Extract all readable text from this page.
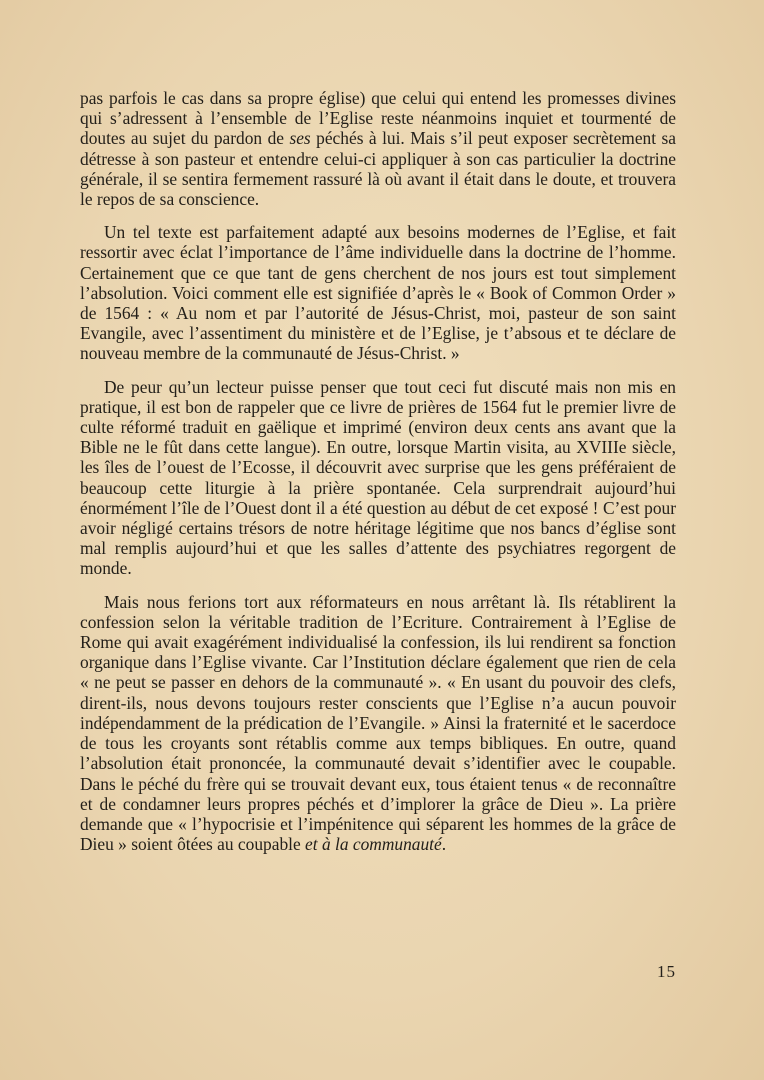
pas parfois le cas dans sa propre église) que celui qui entend les promesses divines qui s’adressent à l’ensemble de l’Eglise reste néanmoins inquiet et tourmenté de doutes au sujet du pardon de ses péchés à lui. Mais s’il peut exposer secrètement sa détresse à son pasteur et entendre celui-ci appliquer à son cas particulier la doctrine générale, il se sentira fermement rassuré là où avant il était dans le doute, et trouvera le repos de sa conscience.

Un tel texte est parfaitement adapté aux besoins modernes de l’Eglise, et fait ressortir avec éclat l’importance de l’âme individuelle dans la doctrine de l’homme. Certainement que ce que tant de gens cherchent de nos jours est tout simplement l’absolution. Voici comment elle est signifiée d’après le « Book of Common Order » de 1564 : « Au nom et par l’autorité de Jésus-Christ, moi, pasteur de son saint Evangile, avec l’assentiment du ministère et de l’Eglise, je t’absous et te déclare de nouveau membre de la communauté de Jésus-Christ. »

De peur qu’un lecteur puisse penser que tout ceci fut discuté mais non mis en pratique, il est bon de rappeler que ce livre de prières de 1564 fut le premier livre de culte réformé traduit en gaëlique et imprimé (environ deux cents ans avant que la Bible ne le fût dans cette langue). En outre, lorsque Martin visita, au XVIIIe siècle, les îles de l’ouest de l’Ecosse, il découvrit avec surprise que les gens préféraient de beaucoup cette liturgie à la prière spontanée. Cela surprendrait aujourd’hui énormément l’île de l’Ouest dont il a été question au début de cet exposé ! C’est pour avoir négligé certains trésors de notre héritage légitime que nos bancs d’église sont mal remplis aujourd’hui et que les salles d’attente des psychiatres regorgent de monde.

Mais nous ferions tort aux réformateurs en nous arrêtant là. Ils rétablirent la confession selon la véritable tradition de l’Ecriture. Contrairement à l’Eglise de Rome qui avait exagérément individualisé la confession, ils lui rendirent sa fonction organique dans l’Eglise vivante. Car l’Institution déclare également que rien de cela « ne peut se passer en dehors de la communauté ». « En usant du pouvoir des clefs, dirent-ils, nous devons toujours rester conscients que l’Eglise n’a aucun pouvoir indépendamment de la prédication de l’Evangile. » Ainsi la fraternité et le sacerdoce de tous les croyants sont rétablis comme aux temps bibliques. En outre, quand l’absolution était prononcée, la communauté devait s’identifier avec le coupable. Dans le péché du frère qui se trouvait devant eux, tous étaient tenus « de reconnaître et de condamner leurs propres péchés et d’implorer la grâce de Dieu ». La prière demande que « l’hypocrisie et l’impénitence qui séparent les hommes de la grâce de Dieu » soient ôtées au coupable et à la communauté.

15
